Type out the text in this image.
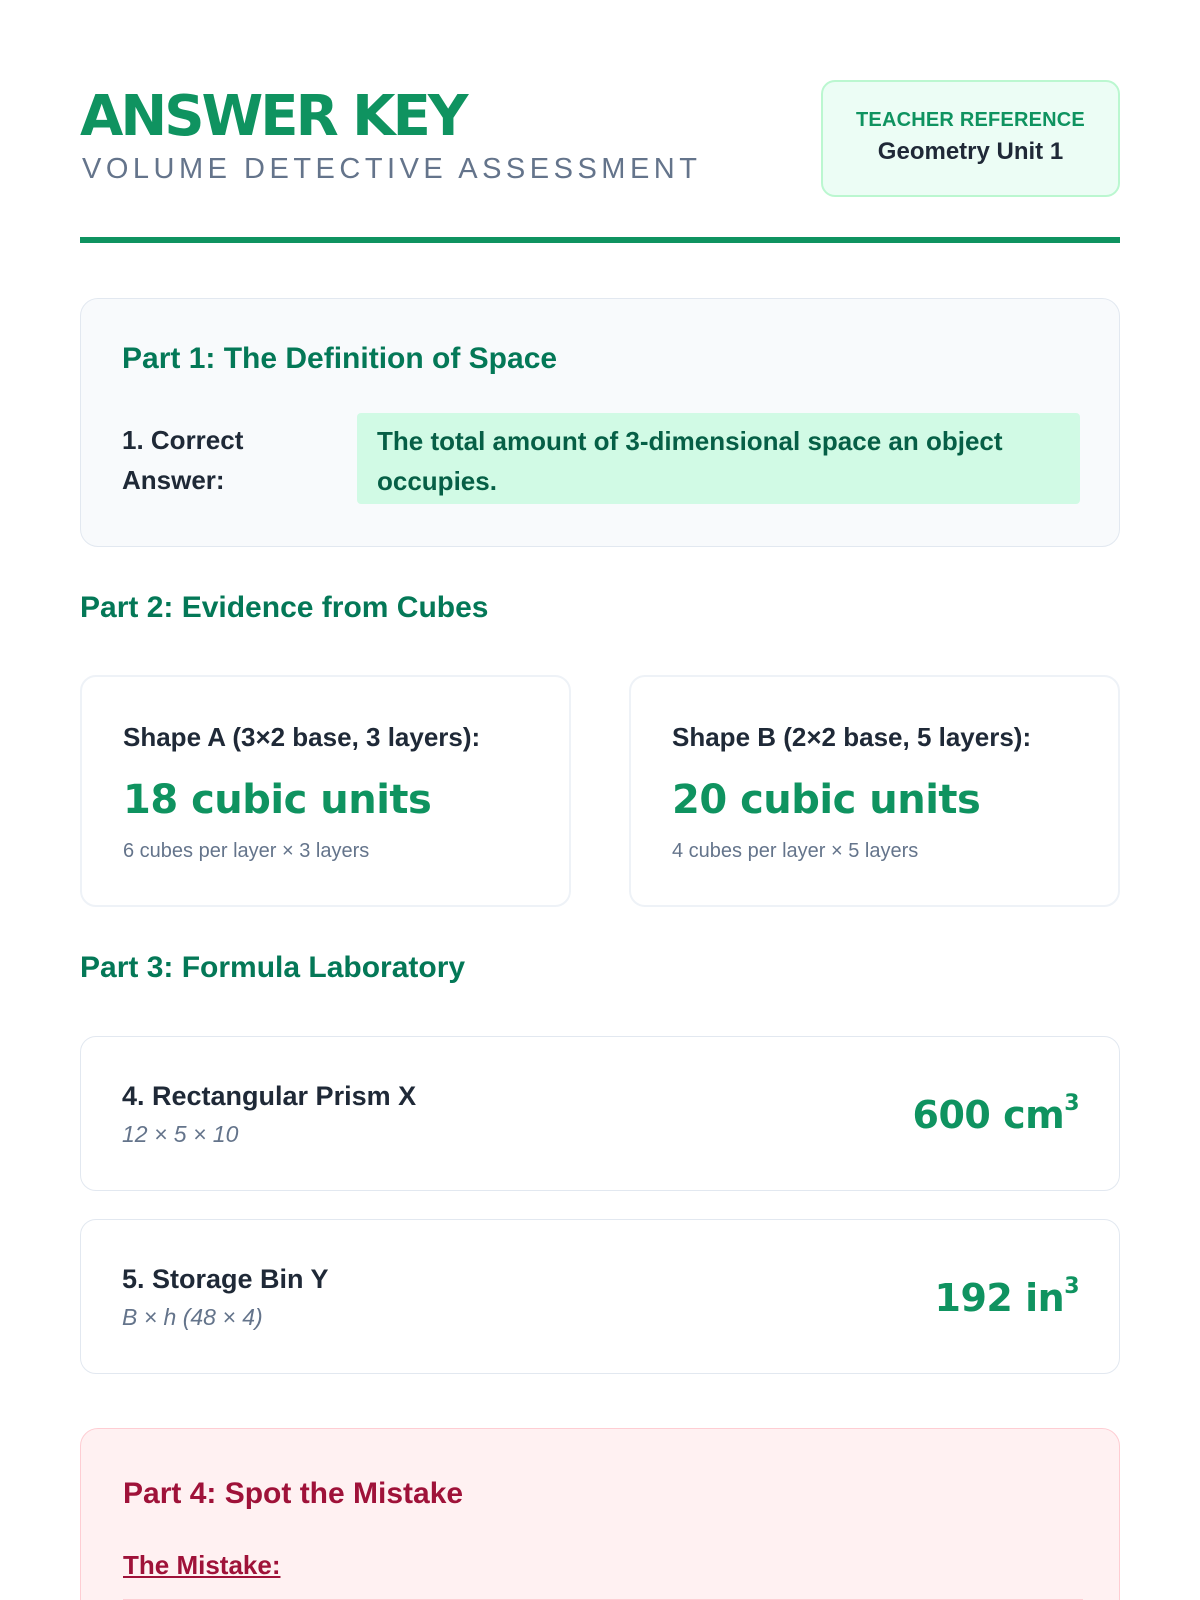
ANSWER KEY
VOLUME DETECTIVE ASSESSMENT
TEACHER REFERENCE
Geometry Unit 1
Part 1: The Definition of Space
1. Correct Answer:
The total amount of 3-dimensional space an object occupies.
Part 2: Evidence from Cubes
Shape A (3×2 base, 3 layers):
18 cubic units
6 cubes per layer × 3 layers
Shape B (2×2 base, 5 layers):
20 cubic units
4 cubes per layer × 5 layers
Part 3: Formula Laboratory
4. Rectangular Prism X
12 × 5 × 10	600 $cm^3$
5. Storage Bin Y
B × h (48 × 4)	192 $in^3$
Part 4: Spot the Mistake
The Mistake:
